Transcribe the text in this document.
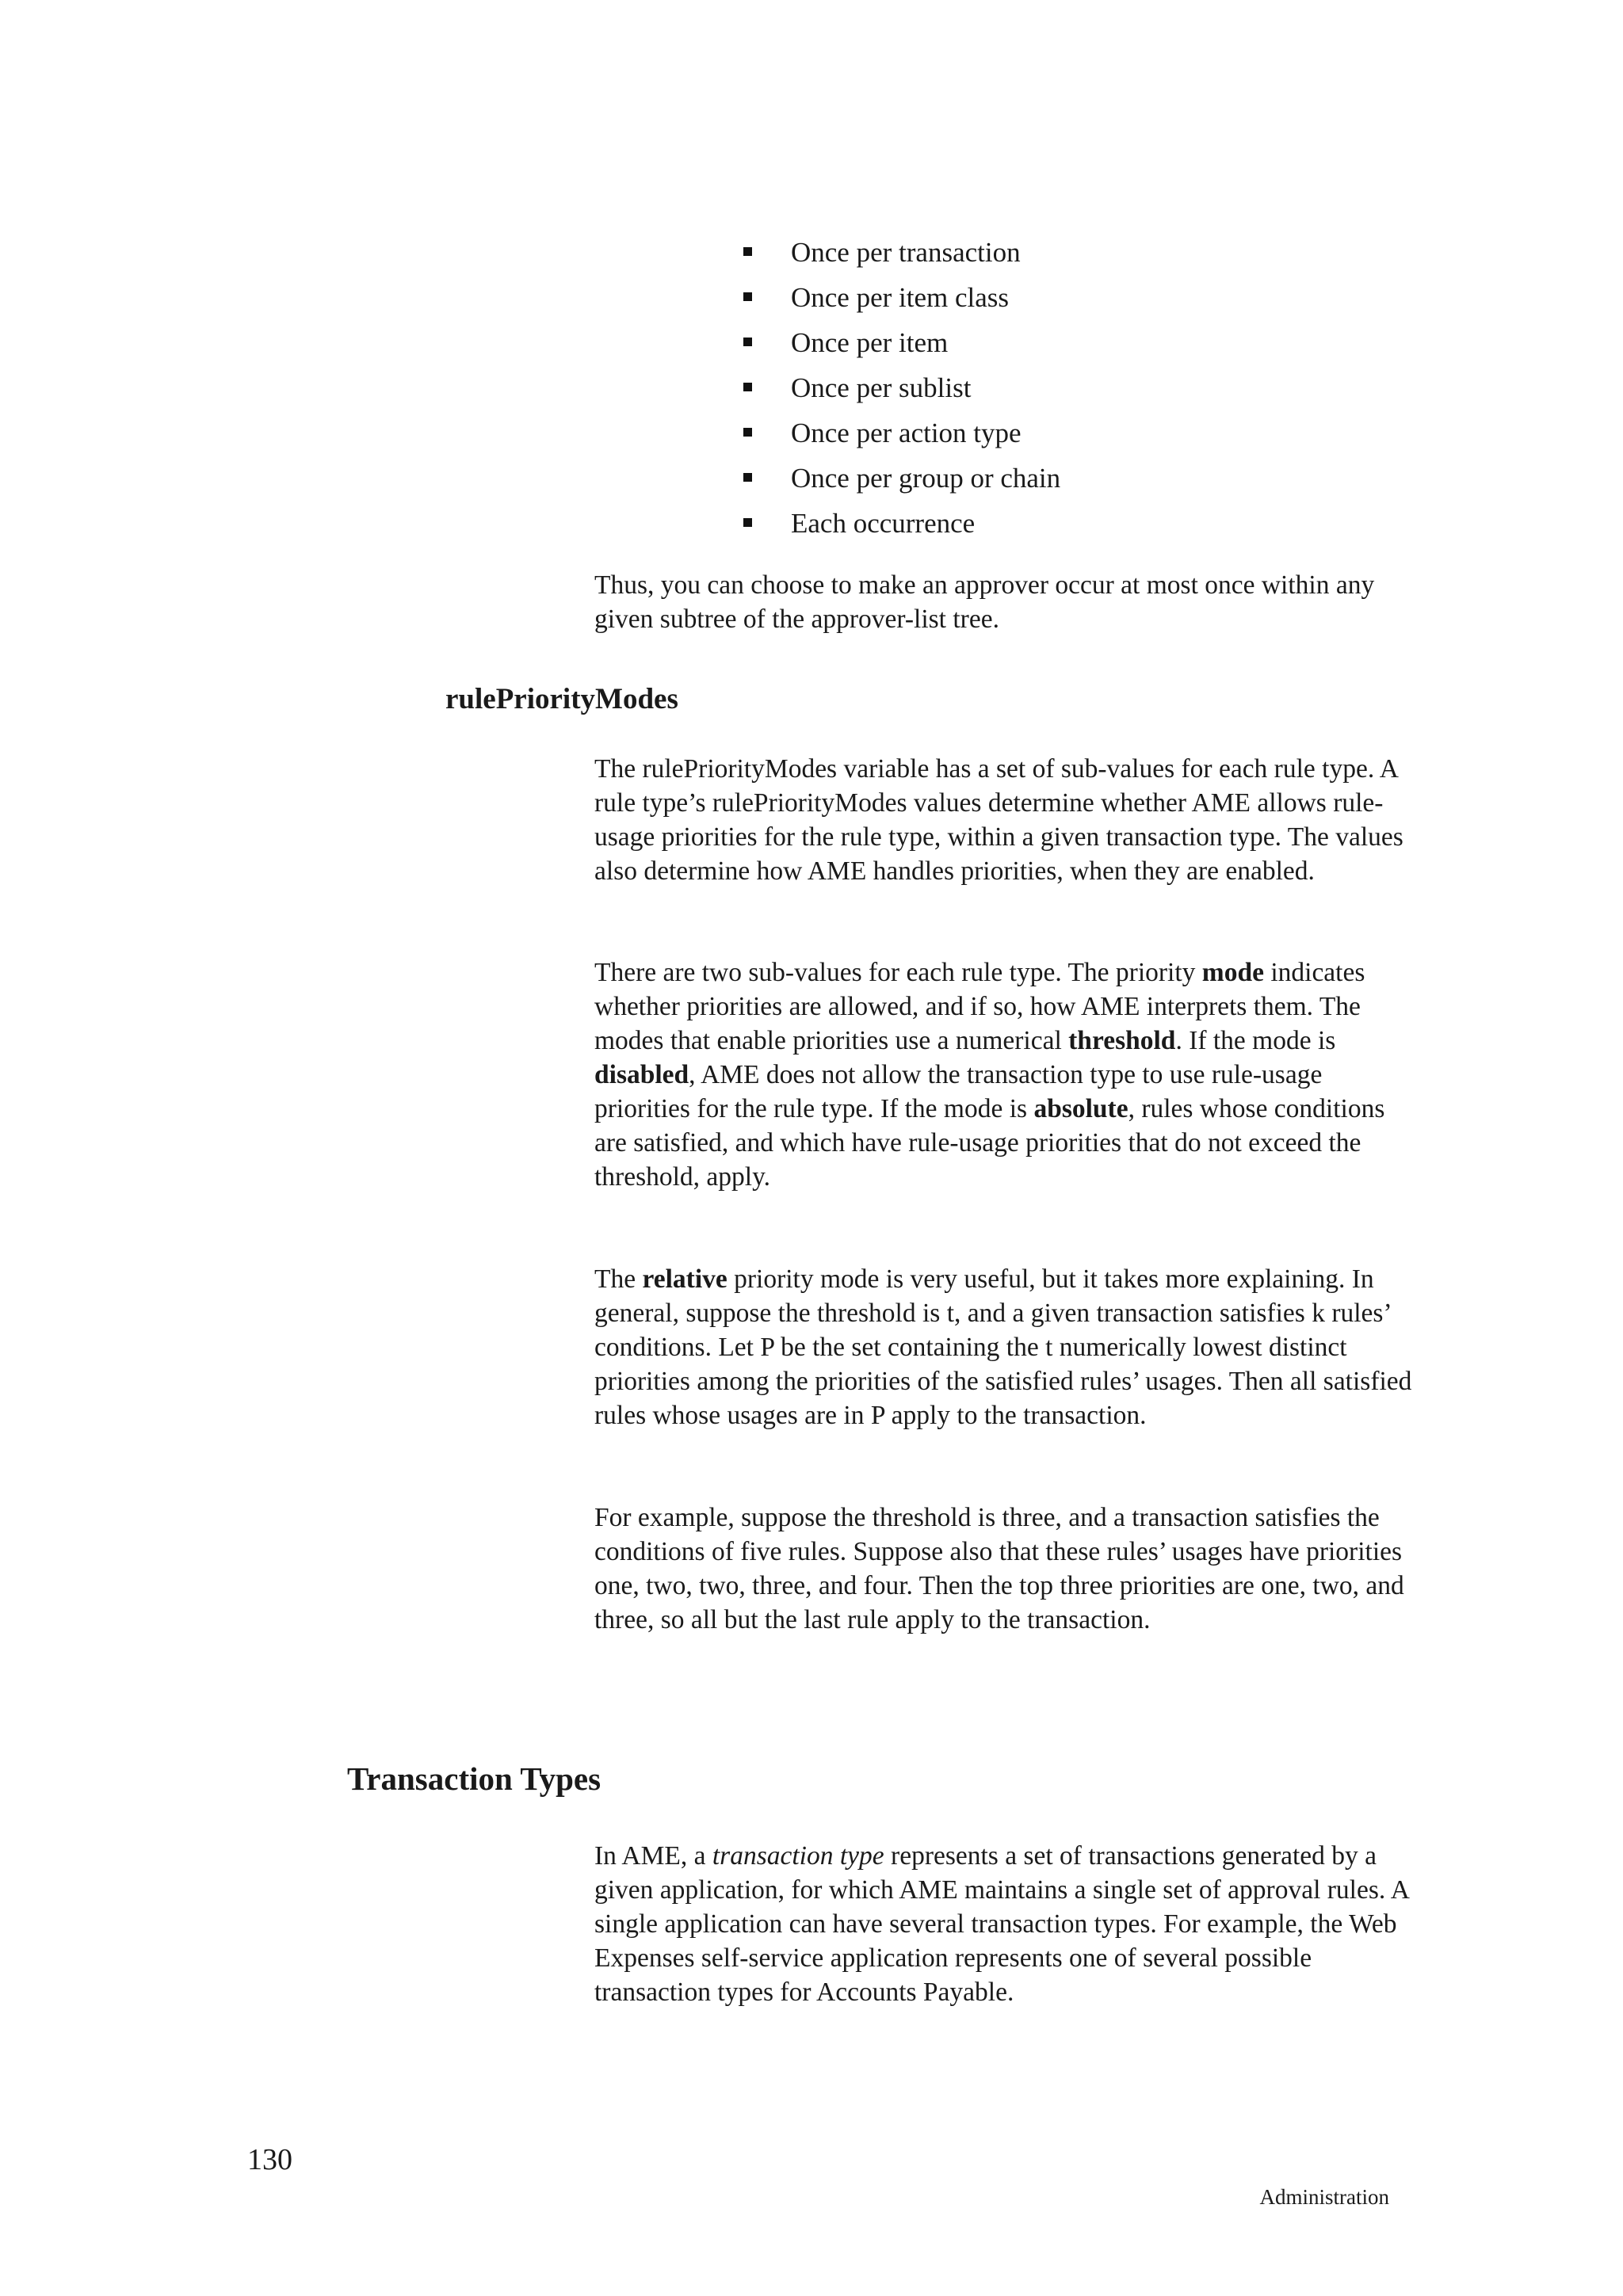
Once per transaction
Once per item class
Once per item
Once per sublist
Once per action type
Once per group or chain
Each occurrence

Thus, you can choose to make an approver occur at most once within any given subtree of the approver-list tree.

rulePriorityModes

The rulePriorityModes variable has a set of sub-values for each rule type. A rule type’s rulePriorityModes values determine whether AME allows rule-usage priorities for the rule type, within a given transaction type. The values also determine how AME handles priorities, when they are enabled.

There are two sub-values for each rule type. The priority mode indicates whether priorities are allowed, and if so, how AME interprets them. The modes that enable priorities use a numerical threshold. If the mode is disabled, AME does not allow the transaction type to use rule-usage priorities for the rule type. If the mode is absolute, rules whose conditions are satisfied, and which have rule-usage priorities that do not exceed the threshold, apply.

The relative priority mode is very useful, but it takes more explaining. In general, suppose the threshold is t, and a given transaction satisfies k rules’ conditions. Let P be the set containing the t numerically lowest distinct priorities among the priorities of the satisfied rules’ usages. Then all satisfied rules whose usages are in P apply to the transaction.

For example, suppose the threshold is three, and a transaction satisfies the conditions of five rules. Suppose also that these rules’ usages have priorities one, two, two, three, and four. Then the top three priorities are one, two, and three, so all but the last rule apply to the transaction.

Transaction Types

In AME, a transaction type represents a set of transactions generated by a given application, for which AME maintains a single set of approval rules. A single application can have several transaction types. For example, the Web Expenses self-service application represents one of several possible transaction types for Accounts Payable.

130
Administration
